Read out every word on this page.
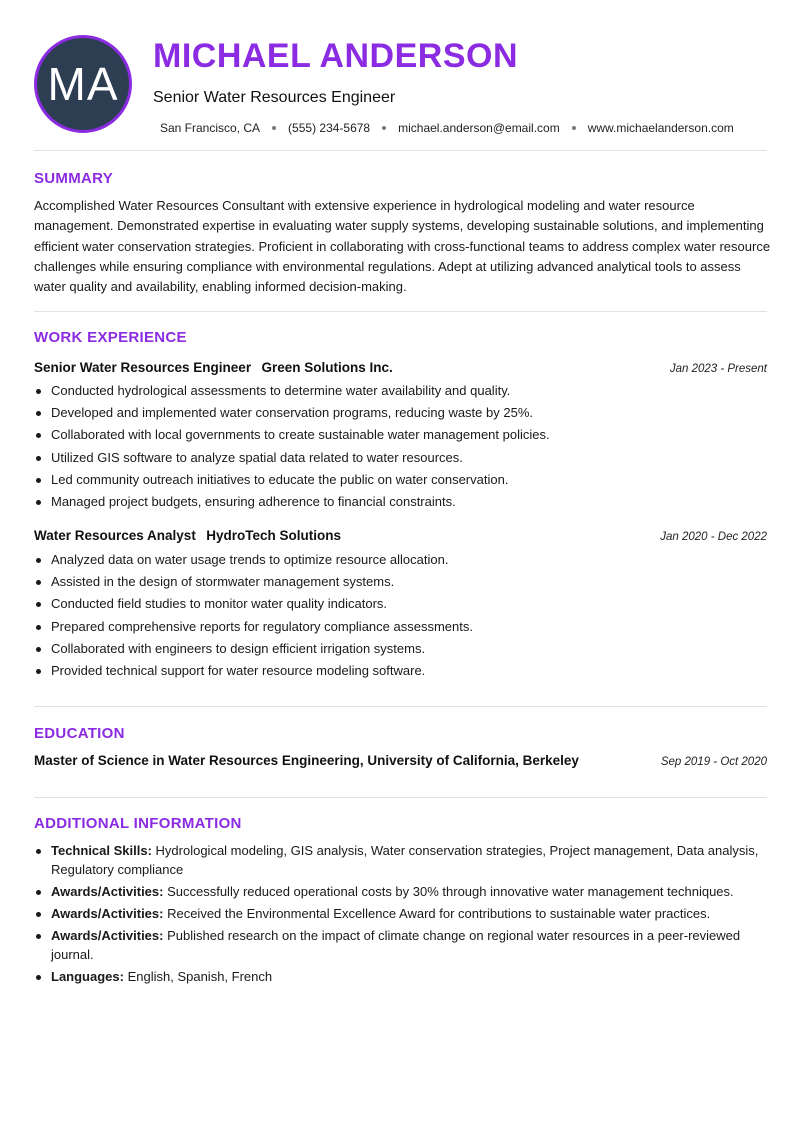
MA
MICHAEL ANDERSON
Senior Water Resources Engineer
San Francisco, CA (555) 234-5678 michael.anderson@email.com www.michaelanderson.com
SUMMARY

Accomplished Water Resources Consultant with extensive experience in hydrological modeling and water resource management. Demonstrated expertise in evaluating water supply systems, developing sustainable solutions, and implementing efficient water conservation strategies. Proficient in collaborating with cross-functional teams to address complex water resource challenges while ensuring compliance with environmental regulations. Adept at utilizing advanced analytical tools to assess water quality and availability, enabling informed decision-making.

WORK EXPERIENCE
Senior Water Resources Engineer Green Solutions Inc.	Jan 2023 - Present
Conducted hydrological assessments to determine water availability and quality.
Developed and implemented water conservation programs, reducing waste by 25%.
Collaborated with local governments to create sustainable water management policies.
Utilized GIS software to analyze spatial data related to water resources.
Led community outreach initiatives to educate the public on water conservation.
Managed project budgets, ensuring adherence to financial constraints.
Water Resources Analyst HydroTech Solutions	Jan 2020 - Dec 2022
Analyzed data on water usage trends to optimize resource allocation.
Assisted in the design of stormwater management systems.
Conducted field studies to monitor water quality indicators.
Prepared comprehensive reports for regulatory compliance assessments.
Collaborated with engineers to design efficient irrigation systems.
Provided technical support for water resource modeling software.
EDUCATION
Master of Science in Water Resources Engineering, University of California, Berkeley	Sep 2019 - Oct 2020
ADDITIONAL INFORMATION
Technical Skills: Hydrological modeling, GIS analysis, Water conservation strategies, Project management, Data analysis, Regulatory compliance
Awards/Activities: Successfully reduced operational costs by 30% through innovative water management techniques.
Awards/Activities: Received the Environmental Excellence Award for contributions to sustainable water practices.
Awards/Activities: Published research on the impact of climate change on regional water resources in a peer-reviewed journal.
Languages: English, Spanish, French
